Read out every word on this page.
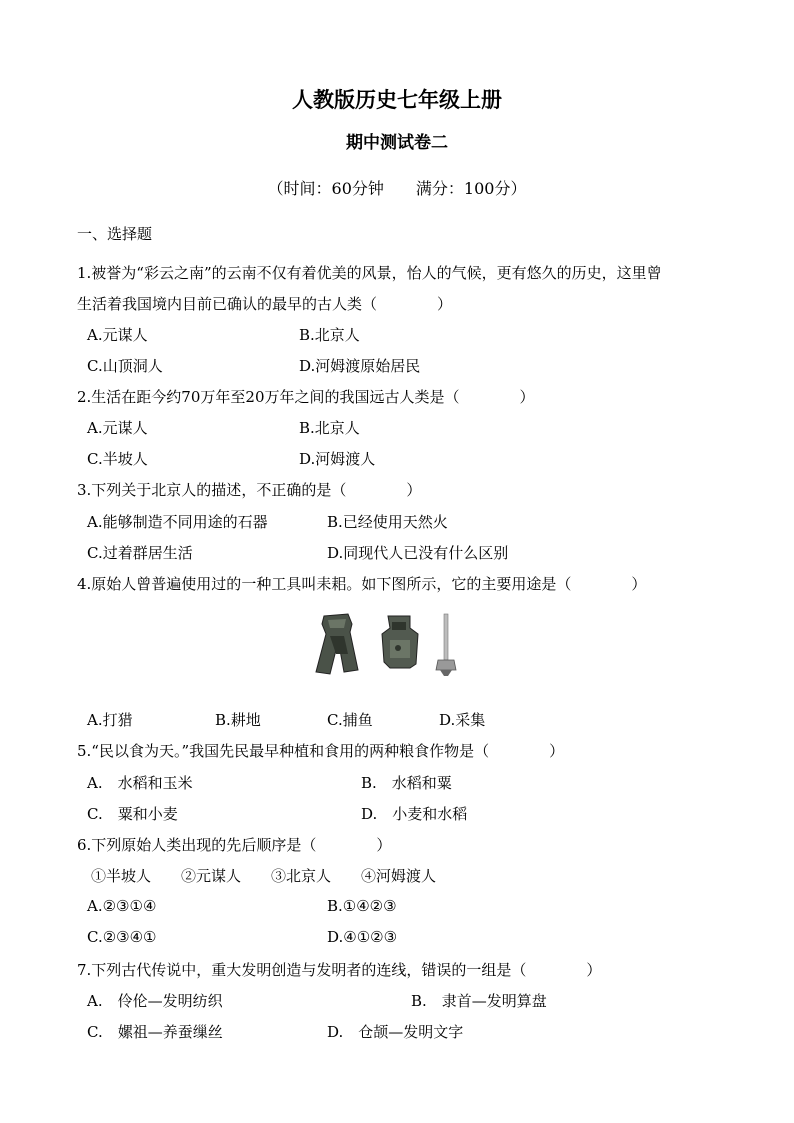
人教版历史七年级上册
期中测试卷二
（时间：60分钟　　满分：100分）
一、选择题
1.被誉为“彩云之南”的云南不仅有着优美的风景，怡人的气候，更有悠久的历史，这里曾
生活着我国境内目前已确认的最早的古人类（　　　　）
A.元谋人	B.北京人
C.山顶洞人	D.河姆渡原始居民
2.生活在距今约70万年至20万年之间的我国远古人类是（　　　　）
A.元谋人	B.北京人
C.半坡人	D.河姆渡人
3.下列关于北京人的描述，不正确的是（　　　　）
A.能够制造不同用途的石器	B.已经使用天然火
C.过着群居生活	D.同现代人已没有什么区别
4.原始人曾普遍使用过的一种工具叫耒耜。如下图所示，它的主要用途是（　　　　）
A.打猎	B.耕地	C.捕鱼	D.采集
5.“民以食为天。”我国先民最早种植和食用的两种粮食作物是（　　　　）
A.　水稻和玉米	B.　水稻和粟
C.　粟和小麦	D.　小麦和水稻
6.下列原始人类出现的先后顺序是（　　　　）
①半坡人　　②元谋人　　③北京人　　④河姆渡人
A.②③①④	B.①④②③
C.②③④①	D.④①②③
7.下列古代传说中，重大发明创造与发明者的连线，错误的一组是（　　　　）
A.　伶伦—发明纺织	B.　隶首—发明算盘
C.　嫘祖—养蚕缫丝	D.　仓颉—发明文字
